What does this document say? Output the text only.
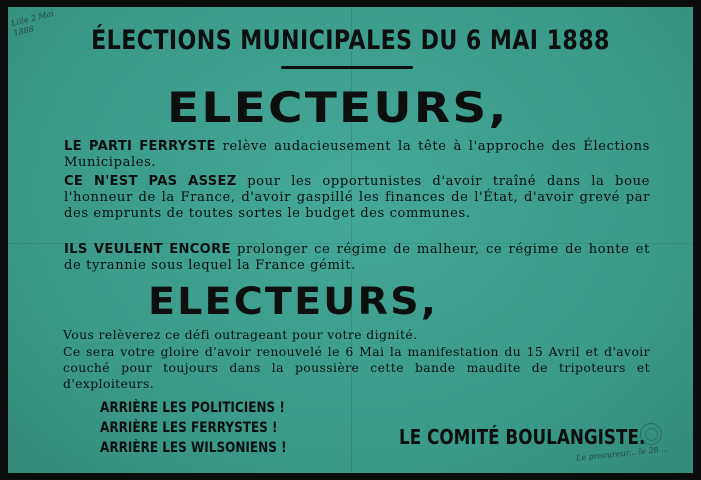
Lille 2 Mai 1888	ÉLECTIONS MUNICIPALES DU 6 MAI 1888
ELECTEURS,
LE PARTI FERRYSTE relève audacieusement la tête à l'approche des Élections Municipales.
CE N'EST PAS ASSEZ pour les opportunistes d'avoir traîné dans la boue l'honneur de la France, d'avoir gaspillé les finances de l'État, d'avoir grevé par des emprunts de toutes sortes le budget des communes.
ILS VEULENT ENCORE prolonger ce régime de malheur, ce régime de honte et de tyrannie sous lequel la France gémit.
ELECTEURS,
Vous relèverez ce défi outrageant pour votre dignité.
Ce sera votre gloire d'avoir renouvelé le 6 Mai la manifestation du 15 Avril et d'avoir couché pour toujours dans la poussière cette bande maudite de tripoteurs et d'exploiteurs.
ARRIÈRE LES POLITICIENS !
ARRIÈRE LES FERRYSTES !
ARRIÈRE LES WILSONIENS !	LE COMITÉ BOULANGISTE.
Le procureur... le 28 ...
